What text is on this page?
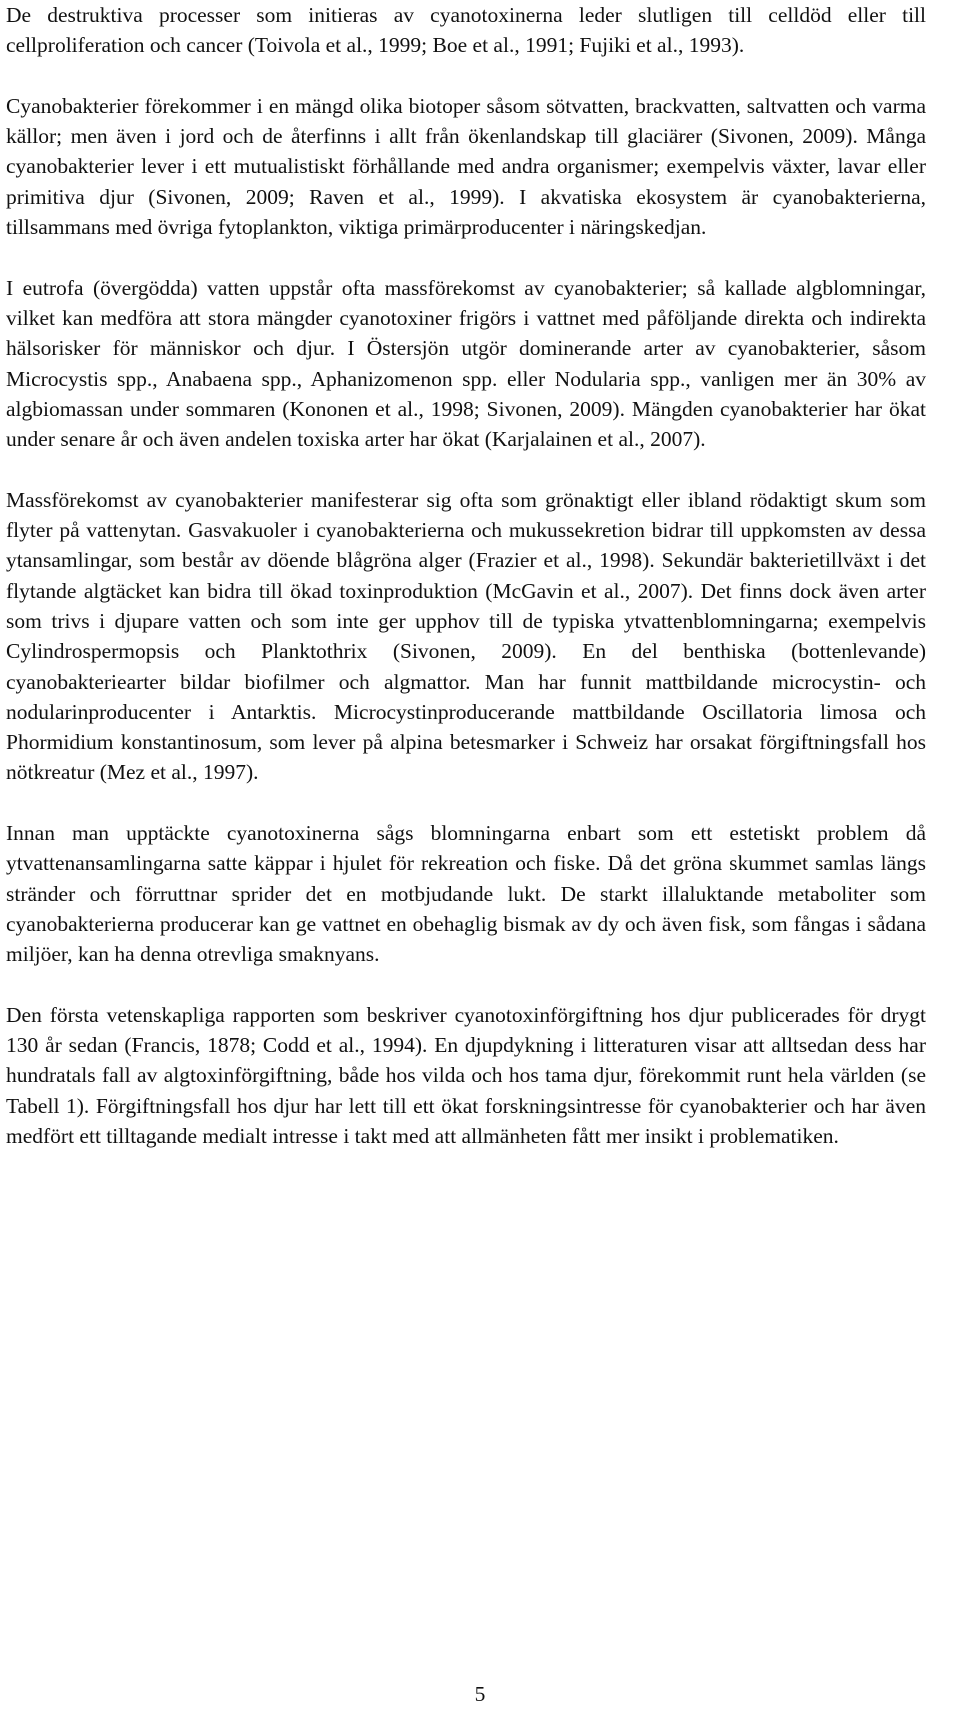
De destruktiva processer som initieras av cyanotoxinerna leder slutligen till celldöd eller till cellproliferation och cancer (Toivola et al., 1999; Boe et al., 1991; Fujiki et al., 1993).

Cyanobakterier förekommer i en mängd olika biotoper såsom sötvatten, brackvatten, saltvatten och varma källor; men även i jord och de återfinns i allt från ökenlandskap till glaciärer (Sivonen, 2009). Många cyanobakterier lever i ett mutualistiskt förhållande med andra organismer; exempelvis växter, lavar eller primitiva djur (Sivonen, 2009; Raven et al., 1999). I akvatiska ekosystem är cyanobakterierna, tillsammans med övriga fytoplankton, viktiga primärproducenter i näringskedjan.

I eutrofa (övergödda) vatten uppstår ofta massförekomst av cyanobakterier; så kallade algblomningar, vilket kan medföra att stora mängder cyanotoxiner frigörs i vattnet med påföljande direkta och indirekta hälsorisker för människor och djur. I Östersjön utgör dominerande arter av cyanobakterier, såsom Microcystis spp., Anabaena spp., Aphanizomenon spp. eller Nodularia spp., vanligen mer än 30% av algbiomassan under sommaren (Kononen et al., 1998; Sivonen, 2009). Mängden cyanobakterier har ökat under senare år och även andelen toxiska arter har ökat (Karjalainen et al., 2007).

Massförekomst av cyanobakterier manifesterar sig ofta som grönaktigt eller ibland rödaktigt skum som flyter på vattenytan. Gasvakuoler i cyanobakterierna och mukussekretion bidrar till uppkomsten av dessa ytansamlingar, som består av döende blågröna alger (Frazier et al., 1998). Sekundär bakterietillväxt i det flytande algtäcket kan bidra till ökad toxinproduktion (McGavin et al., 2007). Det finns dock även arter som trivs i djupare vatten och som inte ger upphov till de typiska ytvattenblomningarna; exempelvis Cylindrospermopsis och Planktothrix (Sivonen, 2009). En del benthiska (bottenlevande) cyanobakteriearter bildar biofilmer och algmattor. Man har funnit mattbildande microcystin- och nodularinproducenter i Antarktis. Microcystinproducerande mattbildande Oscillatoria limosa och Phormidium konstantinosum, som lever på alpina betesmarker i Schweiz har orsakat förgiftningsfall hos nötkreatur (Mez et al., 1997).

Innan man upptäckte cyanotoxinerna sågs blomningarna enbart som ett estetiskt problem då ytvattenansamlingarna satte käppar i hjulet för rekreation och fiske. Då det gröna skummet samlas längs stränder och förruttnar sprider det en motbjudande lukt. De starkt illaluktande metaboliter som cyanobakterierna producerar kan ge vattnet en obehaglig bismak av dy och även fisk, som fångas i sådana miljöer, kan ha denna otrevliga smaknyans.

Den första vetenskapliga rapporten som beskriver cyanotoxinförgiftning hos djur publicerades för drygt 130 år sedan (Francis, 1878; Codd et al., 1994). En djupdykning i litteraturen visar att alltsedan dess har hundratals fall av algtoxinförgiftning, både hos vilda och hos tama djur, förekommit runt hela världen (se Tabell 1). Förgiftningsfall hos djur har lett till ett ökat forskningsintresse för cyanobakterier och har även medfört ett tilltagande medialt intresse i takt med att allmänheten fått mer insikt i problematiken.

5
